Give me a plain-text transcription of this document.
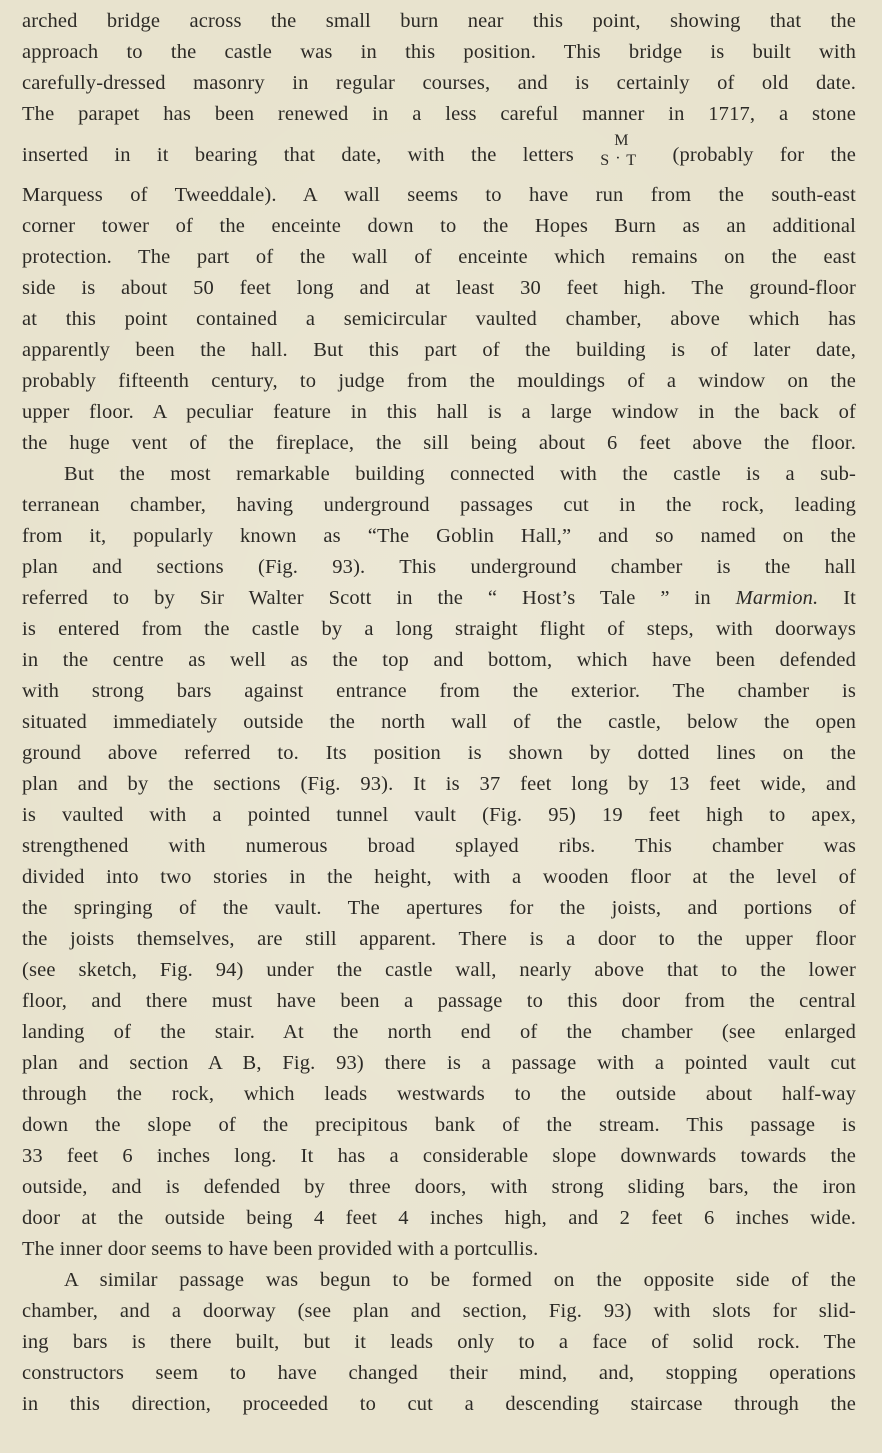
arched bridge across the small burn near this point, showing that the
approach to the castle was in this position. This bridge is built with
carefully-dressed masonry in regular courses, and is certainly of old date.
The parapet has been renewed in a less careful manner in 1717, a stone
inserted in it bearing that date, with the letters
M
S · T (probably for the
Marquess of Tweeddale). A wall seems to have run from the south-east
corner tower of the enceinte down to the Hopes Burn as an additional
protection. The part of the wall of enceinte which remains on the east
side is about 50 feet long and at least 30 feet high. The ground-floor
at this point contained a semicircular vaulted chamber, above which has
apparently been the hall. But this part of the building is of later date,
probably fifteenth century, to judge from the mouldings of a window on the
upper floor. A peculiar feature in this hall is a large window in the back of
the huge vent of the fireplace, the sill being about 6 feet above the floor.
But the most remarkable building connected with the castle is a sub-
terranean chamber, having underground passages cut in the rock, leading
from it, popularly known as “The Goblin Hall,” and so named on the
plan and sections (Fig. 93). This underground chamber is the hall
referred to by Sir Walter Scott in the “ Host’s Tale ” in Marmion. It
is entered from the castle by a long straight flight of steps, with doorways
in the centre as well as the top and bottom, which have been defended
with strong bars against entrance from the exterior. The chamber is
situated immediately outside the north wall of the castle, below the open
ground above referred to. Its position is shown by dotted lines on the
plan and by the sections (Fig. 93). It is 37 feet long by 13 feet wide, and
is vaulted with a pointed tunnel vault (Fig. 95) 19 feet high to apex,
strengthened with numerous broad splayed ribs. This chamber was
divided into two stories in the height, with a wooden floor at the level of
the springing of the vault. The apertures for the joists, and portions of
the joists themselves, are still apparent. There is a door to the upper floor
(see sketch, Fig. 94) under the castle wall, nearly above that to the lower
floor, and there must have been a passage to this door from the central
landing of the stair. At the north end of the chamber (see enlarged
plan and section A B, Fig. 93) there is a passage with a pointed vault cut
through the rock, which leads westwards to the outside about half-way
down the slope of the precipitous bank of the stream. This passage is
33 feet 6 inches long. It has a considerable slope downwards towards the
outside, and is defended by three doors, with strong sliding bars, the iron
door at the outside being 4 feet 4 inches high, and 2 feet 6 inches wide.
The inner door seems to have been provided with a portcullis.
A similar passage was begun to be formed on the opposite side of the
chamber, and a doorway (see plan and section, Fig. 93) with slots for slid-
ing bars is there built, but it leads only to a face of solid rock. The
constructors seem to have changed their mind, and, stopping operations
in this direction, proceeded to cut a descending staircase through the
